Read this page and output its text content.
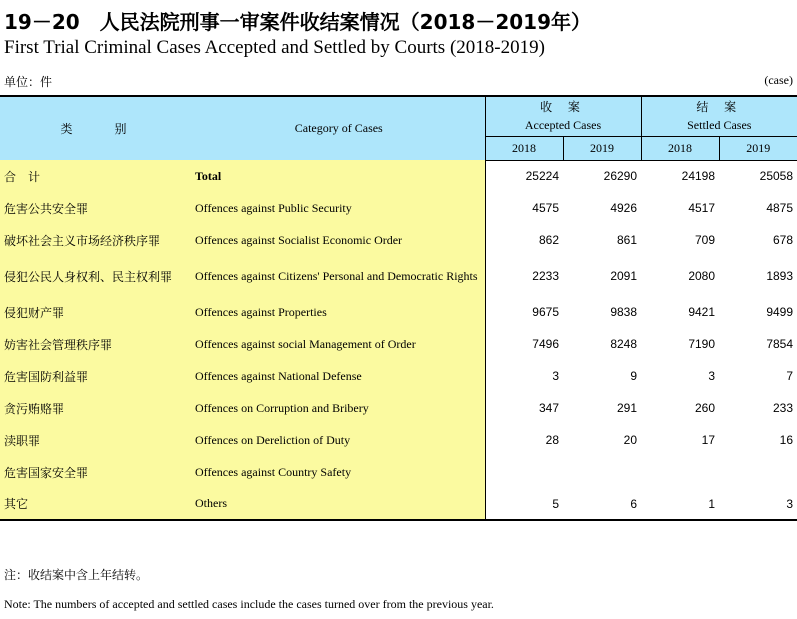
19－20　人民法院刑事一审案件收结案情况（2018－2019年）
First Trial Criminal Cases Accepted and Settled by Courts (2018-2019)
单位：件	(case)
类　　别	Category of Cases	收 案		结 案	
		Accepted Cases		Settled Cases	
		2018	2019	2018	2019
合　计	Total	25224	26290	24198	25058
危害公共安全罪	Offences against Public Security	4575	4926	4517	4875
破坏社会主义市场经济秩序罪	Offences against Socialist Economic Order	862	861	709	678
侵犯公民人身权利、民主权利罪	Offences against Citizens' Personal and Democratic Rights	2233	2091	2080	1893
侵犯财产罪	Offences against Properties	9675	9838	9421	9499
妨害社会管理秩序罪	Offences against social Management of Order	7496	8248	7190	7854
危害国防利益罪	Offences against National Defense	3	9	3	7
贪污贿赂罪	Offences on Corruption and Bribery	347	291	260	233
渎职罪	Offences on Dereliction of Duty	28	20	17	16
危害国家安全罪	Offences against Country Safety				
其它	Others	5	6	1	3
注：收结案中含上年结转。
Note: The numbers of accepted and settled cases include the cases turned over from the previous year.
